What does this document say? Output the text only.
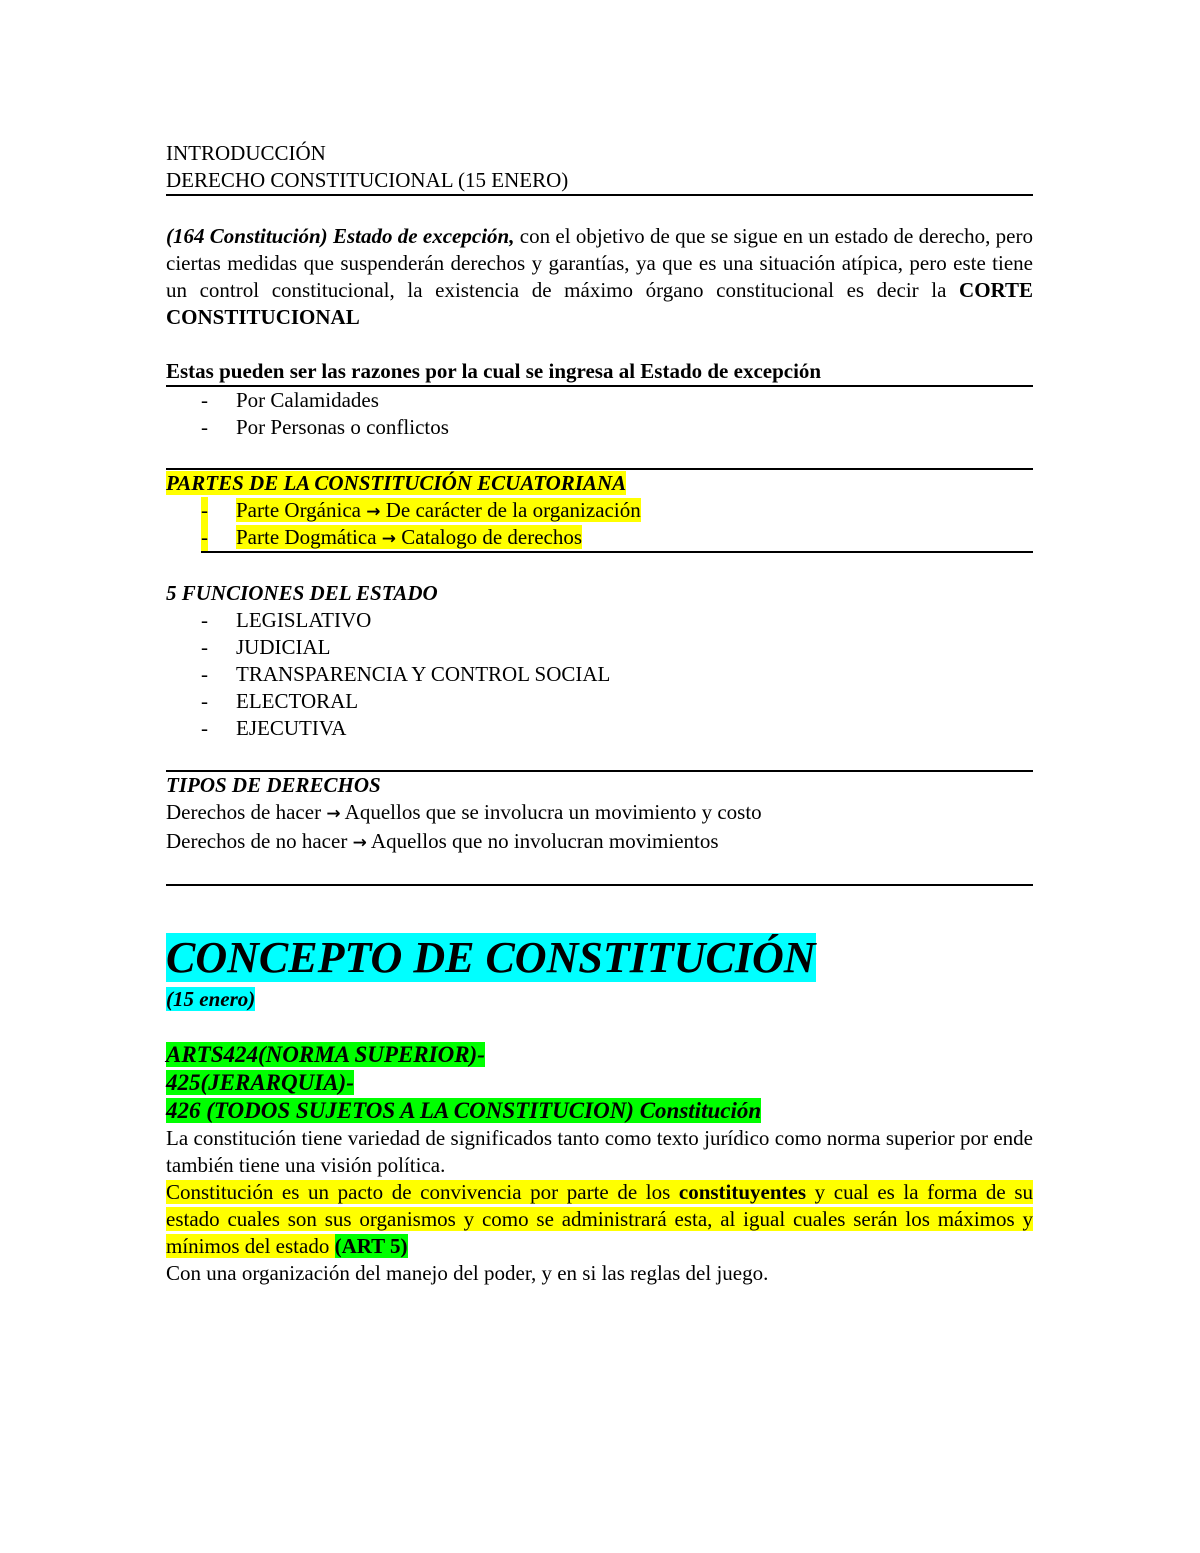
INTRODUCCIÓN
DERECHO CONSTITUCIONAL (15 ENERO)
(164 Constitución) Estado de excepción, con el objetivo de que se sigue en un estado de derecho, pero ciertas medidas que suspenderán derechos y garantías, ya que es una situación atípica, pero este tiene un control constitucional, la existencia de máximo órgano constitucional es decir la CORTE CONSTITUCIONAL
Estas pueden ser las razones por la cual se ingresa al Estado de excepción
- Por Calamidades
- Por Personas o conflictos
PARTES DE LA CONSTITUCIÓN ECUATORIANA
- Parte Orgánica → De carácter de la organización
- Parte Dogmática → Catalogo de derechos
5 FUNCIONES DEL ESTADO
- LEGISLATIVO
- JUDICIAL
- TRANSPARENCIA Y CONTROL SOCIAL
- ELECTORAL
- EJECUTIVA
TIPOS DE DERECHOS
Derechos de hacer → Aquellos que se involucra un movimiento y costo
Derechos de no hacer → Aquellos que no involucran movimientos
CONCEPTO DE CONSTITUCIÓN
(15 enero)
ARTS424(NORMA SUPERIOR)-
425(JERARQUIA)-
426 (TODOS SUJETOS A LA CONSTITUCION) Constitución
La constitución tiene variedad de significados tanto como texto jurídico como norma superior por ende también tiene una visión política.
Constitución es un pacto de convivencia por parte de los constituyentes y cual es la forma de su estado cuales son sus organismos y como se administrará esta, al igual cuales serán los máximos y mínimos del estado (ART 5)
Con una organización del manejo del poder, y en si las reglas del juego.
